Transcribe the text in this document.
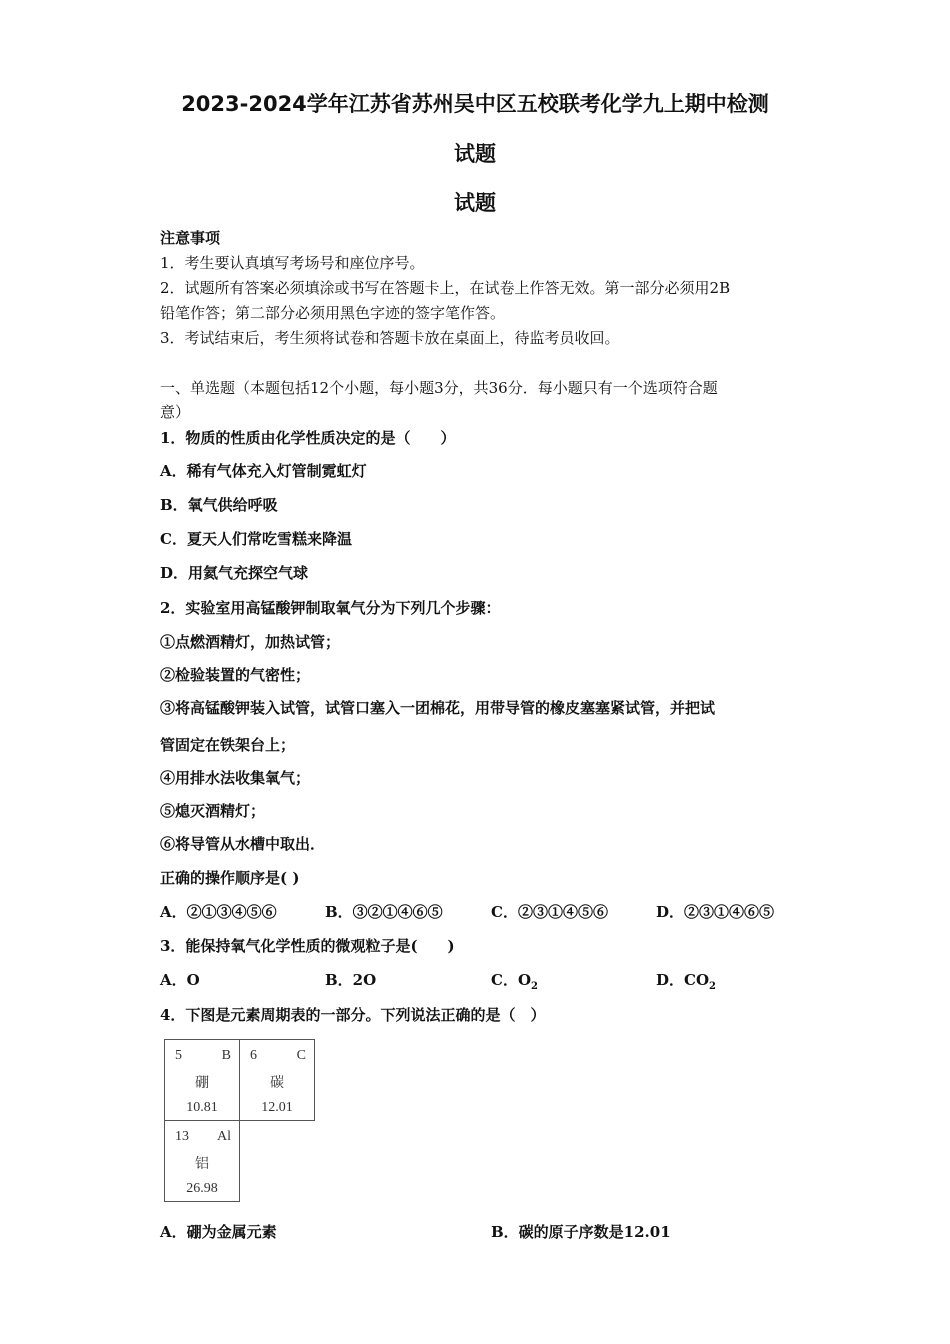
2023-2024学年江苏省苏州吴中区五校联考化学九上期中检测
试题
试题
注意事项
1．考生要认真填写考场号和座位序号。
2．试题所有答案必须填涂或书写在答题卡上，在试卷上作答无效。第一部分必须用2B
铅笔作答；第二部分必须用黑色字迹的签字笔作答。
3．考试结束后，考生须将试卷和答题卡放在桌面上，待监考员收回。
一、单选题（本题包括12个小题，每小题3分，共36分．每小题只有一个选项符合题
意）
1．物质的性质由化学性质决定的是（　　）
A．稀有气体充入灯管制霓虹灯
B．氧气供给呼吸
C．夏天人们常吃雪糕来降温
D．用氦气充探空气球
2．实验室用高锰酸钾制取氧气分为下列几个步骤：
①点燃酒精灯，加热试管；
②检验装置的气密性；
③将高锰酸钾装入试管，试管口塞入一团棉花，用带导管的橡皮塞塞紧试管，并把试
管固定在铁架台上；
④用排水法收集氧气；
⑤熄灭酒精灯；
⑥将导管从水槽中取出．
正确的操作顺序是( )
A．②①③④⑤⑥	B．③②①④⑥⑤	C．②③①④⑤⑥	D．②③①④⑥⑤
3．能保持氧气化学性质的微观粒子是(　　)
A．O	B．2O	C．$O_2$	D．$CO_2$
4．下图是元素周期表的一部分。下列说法正确的是（　）
5	B
硼
10.81
6	C
碳
12.01
13 Al
铝
26.98
A．硼为金属元素	B．碳的原子序数是12.01
